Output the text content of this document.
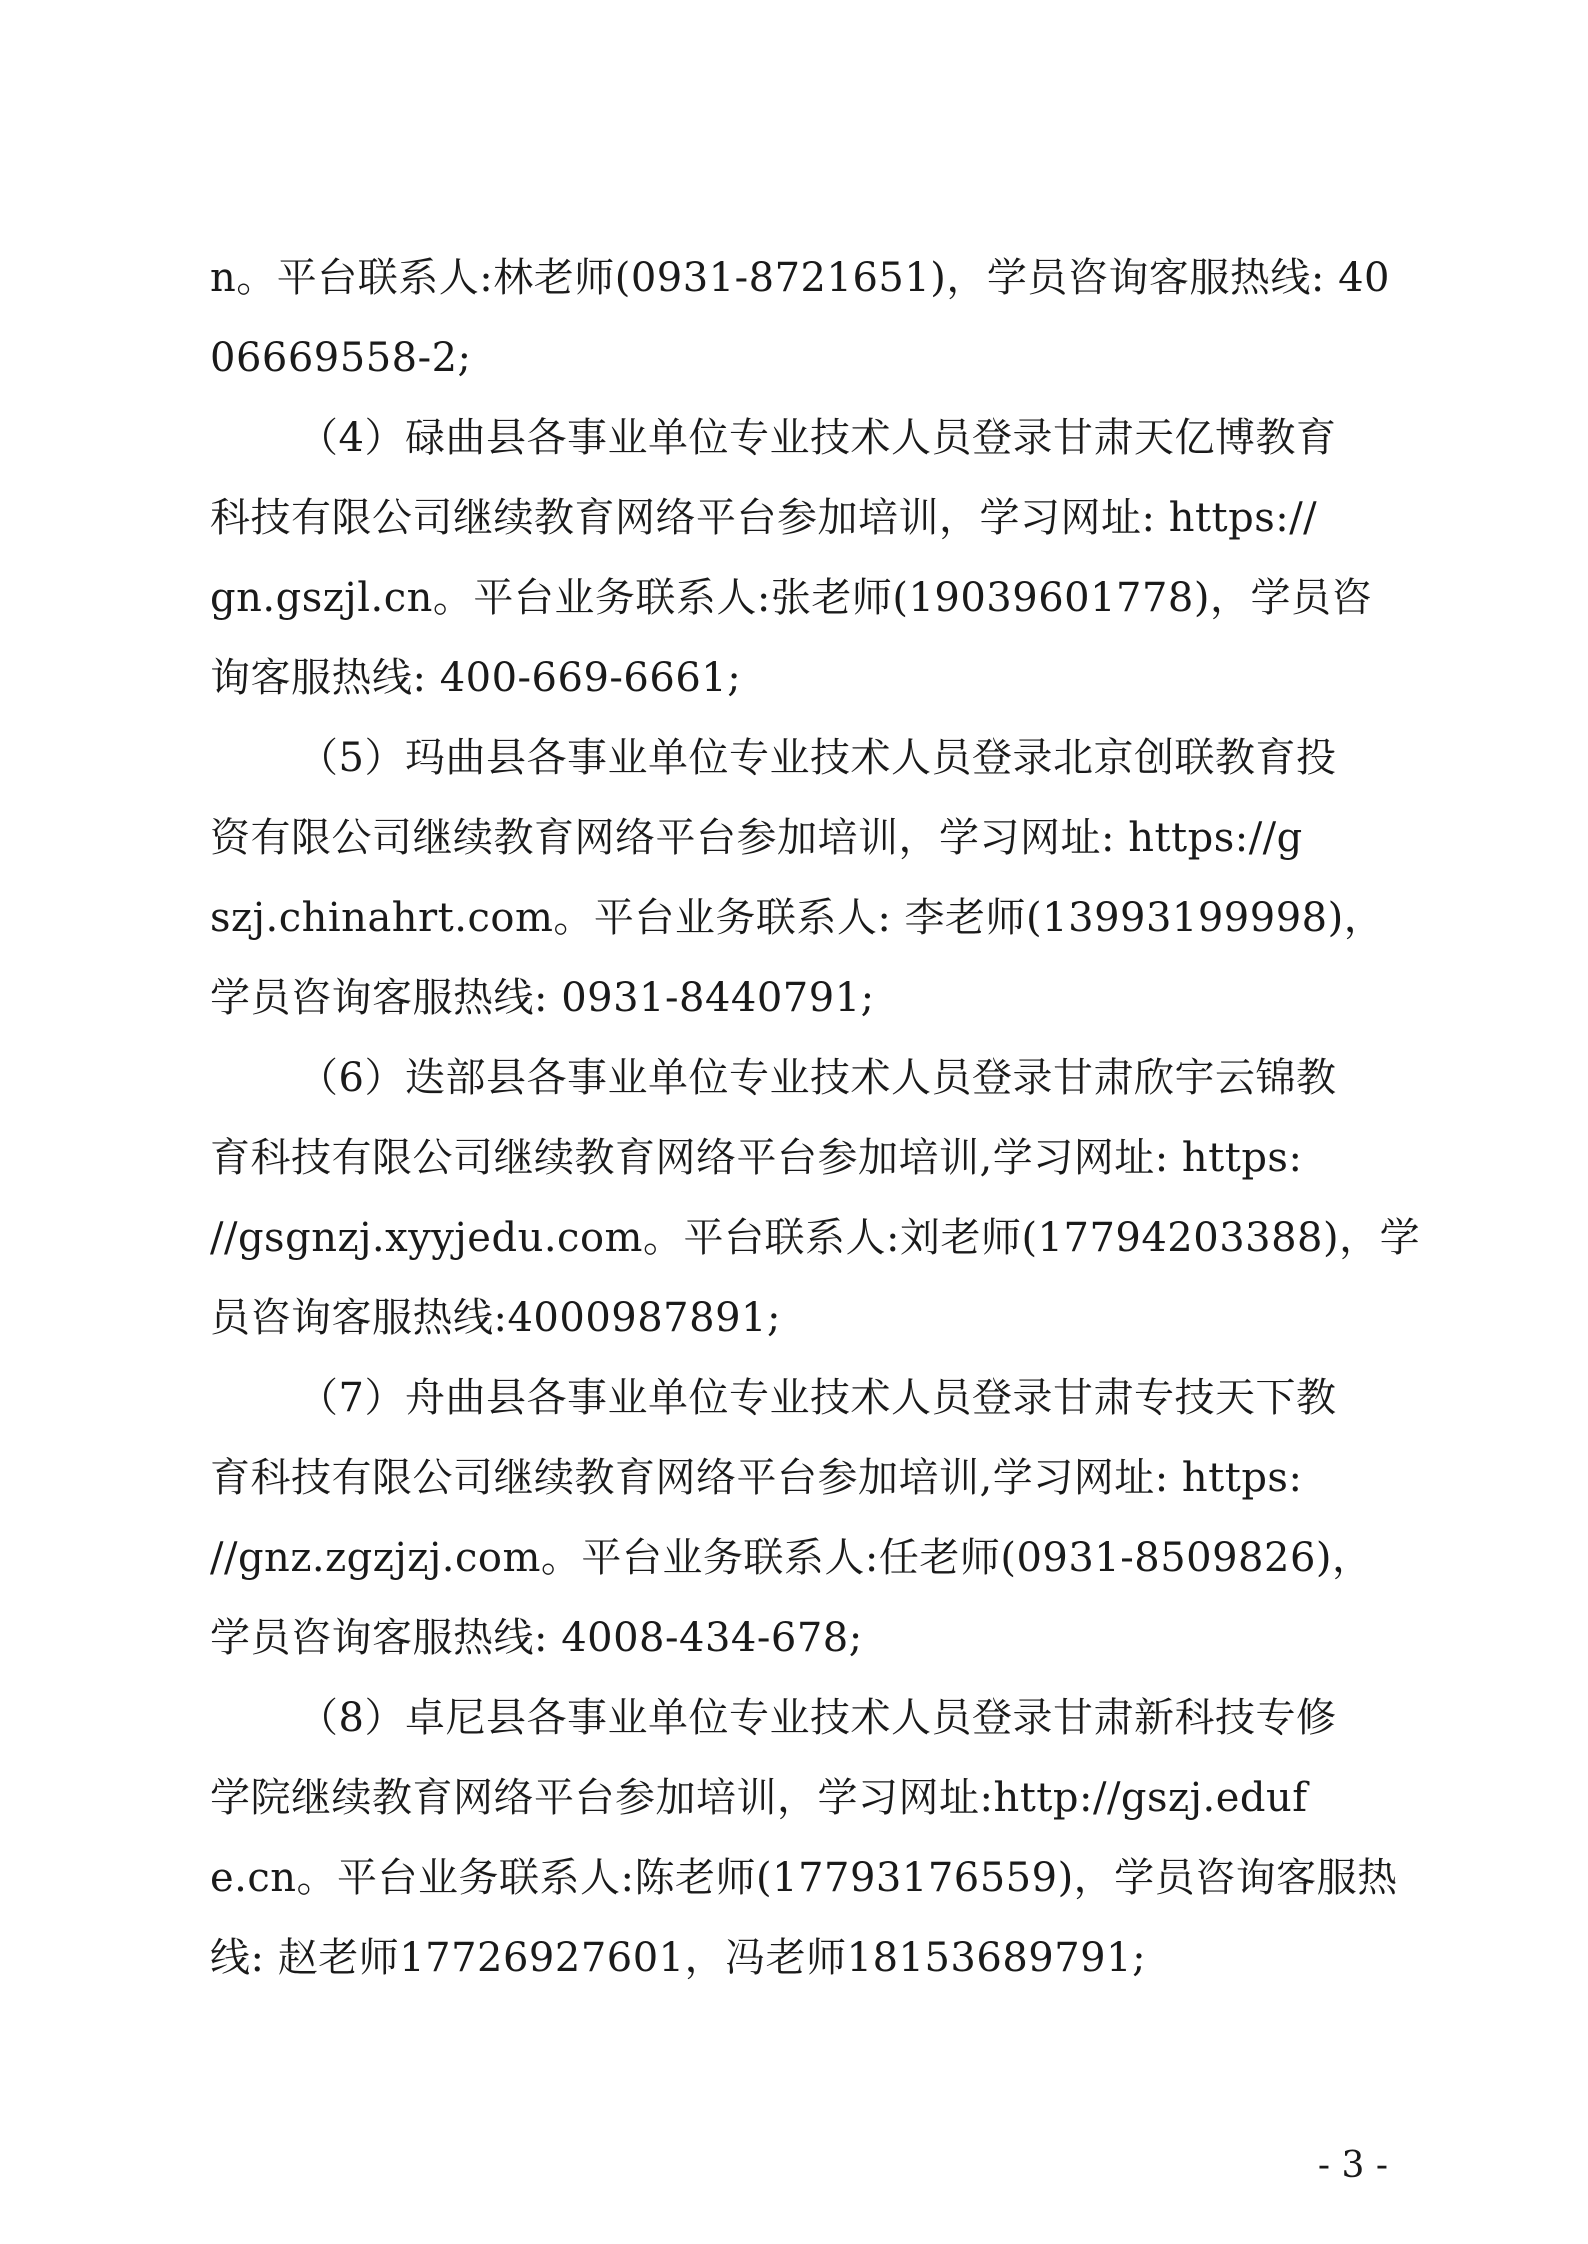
n。平台联系人:林老师(0931-8721651)，学员咨询客服热线: 40
06669558-2;
（4）碌曲县各事业单位专业技术人员登录甘肃天亿博教育
科技有限公司继续教育网络平台参加培训，学习网址: https://
gn.gszjl.cn。平台业务联系人:张老师(19039601778)，学员咨
询客服热线: 400-669-6661;
（5）玛曲县各事业单位专业技术人员登录北京创联教育投
资有限公司继续教育网络平台参加培训，学习网址: https://g
szj.chinahrt.com。平台业务联系人: 李老师(13993199998)，
学员咨询客服热线: 0931-8440791;
（6）迭部县各事业单位专业技术人员登录甘肃欣宇云锦教
育科技有限公司继续教育网络平台参加培训,学习网址: https:
//gsgnzj.xyyjedu.com。平台联系人:刘老师(17794203388)，学
员咨询客服热线:4000987891;
（7）舟曲县各事业单位专业技术人员登录甘肃专技天下教
育科技有限公司继续教育网络平台参加培训,学习网址: https:
//gnz.zgzjzj.com。平台业务联系人:任老师(0931-8509826)，
学员咨询客服热线: 4008-434-678;
（8）卓尼县各事业单位专业技术人员登录甘肃新科技专修
学院继续教育网络平台参加培训，学习网址:http://gszj.eduf
e.cn。平台业务联系人:陈老师(17793176559)，学员咨询客服热
线: 赵老师17726927601，冯老师18153689791;
- 3 -
